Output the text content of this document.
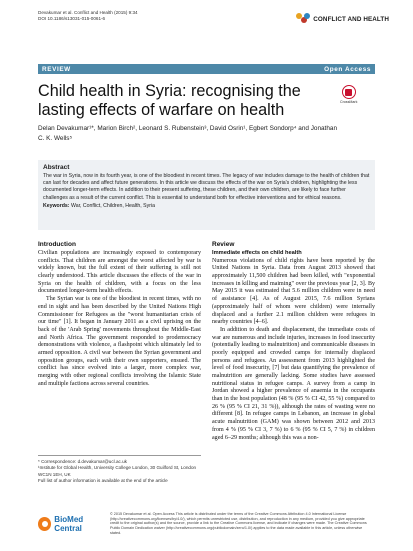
Devakumar et al. Conflict and Health (2015) 9:34
DOI 10.1186/s13031-015-0061-6	CONFLICT AND HEALTH
REVIEW	Open Access
Child health in Syria: recognising the lasting effects of warfare on health	CrossMark
Delan Devakumar¹*, Marion Birch², Leonard S. Rubenstein³, David Osrin¹, Egbert Sondorp⁴ and Jonathan C. K. Wells⁵
Abstract
The war in Syria, now in its fourth year, is one of the bloodiest in recent times. The legacy of war includes damage to the health of children that can last for decades and affect future generations. In this article we discuss the effects of the war on Syria's children, highlighting the less documented longer-term effects. In addition to their present suffering, these children, and their own children, are likely to face further challenges as a result of the current conflict. This is essential to understand both for effective interventions and for ethical reasons.
Keywords: War, Conflict, Children, Health, Syria
Introduction

Civilian populations are increasingly exposed to contemporary conflicts. That children are amongst the worst affected by war is widely known, but the full extent of their suffering is still not clearly understood. This article discusses the effects of the war in Syria on the health of children, with a focus on the less documented longer-term health effects.

The Syrian war is one of the bloodiest in recent times, with no end in sight and has been described by the United Nations High Commissioner for Refugees as the "worst humanitarian crisis of our time" [1]. It began in January 2011 as a civil uprising on the back of the 'Arab Spring' movements throughout the Middle-East and North Africa. The government responded to prodemocracy demonstrations with violence, a flashpoint which ultimately led to armed opposition. A civil war between the Syrian government and opposition groups, each with their own supporters, ensued. The conflict has since evolved into a larger, more complex war, merging with other regional conflicts involving the Islamic State and multiple factions across several countries.

Review
Immediate effects on child health

Numerous violations of child rights have been reported by the United Nations in Syria. Data from August 2013 showed that approximately 11,500 children had been killed, with "exponential increases in killing and maiming" over the previous year [2, 3]. By May 2015 it was estimated that 5.6 million children were in need of assistance [4]. As of August 2015, 7.6 million Syrians (approximately half of whom were children) were internally displaced and a further 2.1 million children were refugees in nearby countries [4–6].

In addition to death and displacement, the immediate costs of war are numerous and include injuries, increases in food insecurity (potentially leading to malnutrition) and communicable diseases in poorly equipped and crowded camps for internally displaced persons and refugees. An assessment from 2013 highlighted the level of food insecurity, [7] but data quantifying the prevalence of malnutrition are generally lacking. Some studies have assessed nutritional status in refugee camps. A survey from a camp in Jordan showed a higher prevalence of anaemia in the occupants than in the host population (48 % (95 % CI 42, 55 %) compared to 26 % (95 % CI 21, 31 %)), although the rates of wasting were no different [8]. In refugee camps in Lebanon, an increase in global acute malnutrition (GAM) was shown between 2012 and 2013 from 4 % (95 % CI 3, 7 %) to 6 % (95 % CI 5, 7 %) in children aged 6–29 months; although this was a non-

* Correspondence: d.devakumar@ucl.ac.uk
¹Institute for Global Health, University College London, 30 Guilford St, London WC1N 1EH, UK
Full list of author information is available at the end of the article
BioMed Central
© 2015 Devakumar et al. Open Access This article is distributed under the terms of the Creative Commons Attribution 4.0 International License (http://creativecommons.org/licenses/by/4.0/), which permits unrestricted use, distribution, and reproduction in any medium, provided you give appropriate credit to the original author(s) and the source, provide a link to the Creative Commons license, and indicate if changes were made. The Creative Commons Public Domain Dedication waiver (http://creativecommons.org/publicdomain/zero/1.0/) applies to the data made available in this article, unless otherwise stated.
